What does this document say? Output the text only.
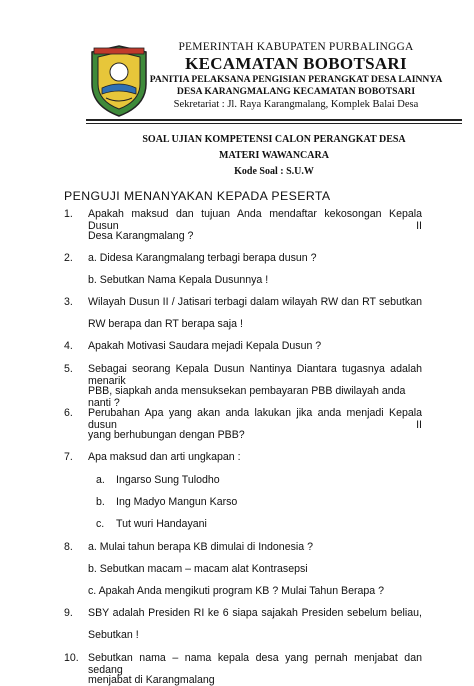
PEMERINTAH KABUPATEN PURBALINGGA
KECAMATAN BOBOTSARI
PANITIA PELAKSANA PENGISIAN PERANGKAT DESA LAINNYA
DESA KARANGMALANG KECAMATAN BOBOTSARI
Sekretariat : Jl. Raya Karangmalang, Komplek Balai Desa
SOAL UJIAN KOMPETENSI CALON PERANGKAT DESA
MATERI WAWANCARA
Kode Soal : S.U.W
PENGUJI MENANYAKAN KEPADA PESERTA
1.	Apakah maksud dan tujuan Anda mendaftar kekosongan Kepala Dusun II
Desa Karangmalang ?
2.	a. Didesa Karangmalang terbagi berapa dusun ?
b. Sebutkan Nama Kepala Dusunnya !
3.	Wilayah Dusun II / Jatisari terbagi dalam wilayah RW dan RT sebutkan
RW berapa dan RT berapa saja !
4.	Apakah Motivasi Saudara mejadi Kepala Dusun ?
5.	Sebagai seorang Kepala Dusun Nantinya Diantara tugasnya adalah menarik
PBB, siapkah anda mensuksekan pembayaran PBB diwilayah anda nanti ?
6.	Perubahan Apa yang akan anda lakukan jika anda menjadi Kepala dusun II
yang berhubungan dengan PBB?
7.	Apa maksud dan arti ungkapan :
a. Ingarso Sung Tulodho
b. Ing Madyo Mangun Karso
c. Tut wuri Handayani
8.	a. Mulai tahun berapa KB dimulai di Indonesia ?
b. Sebutkan macam – macam alat Kontrasepsi
c. Apakah Anda mengikuti program KB ? Mulai Tahun Berapa ?
9.	SBY adalah Presiden RI ke 6 siapa sajakah Presiden sebelum beliau,
Sebutkan !
10. Sebutkan nama – nama kepala desa yang pernah menjabat dan sedang
menjabat di Karangmalang
